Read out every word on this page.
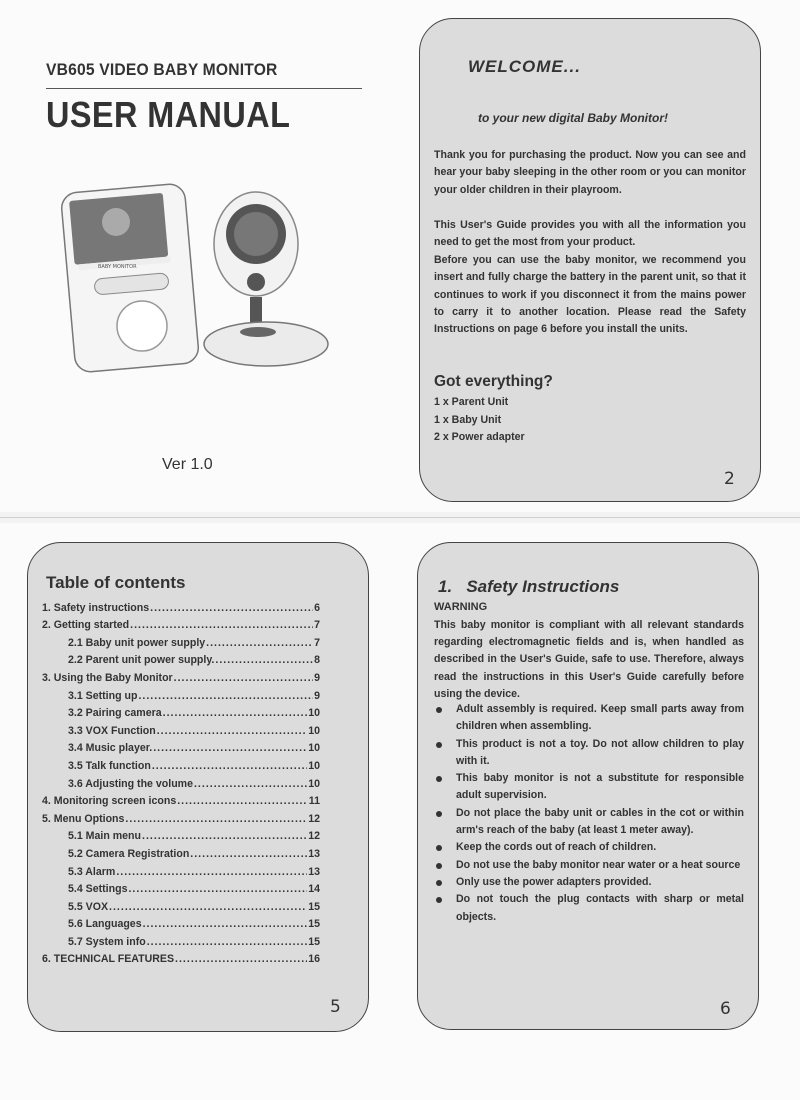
VB605 VIDEO BABY MONITOR
USER MANUAL
BABY MONITOR
Ver 1.0
WELCOME...
to your new digital Baby Monitor!
Thank you for purchasing the product. Now you can see and hear your baby sleeping in the other room or you can monitor your older children in their playroom.
This User's Guide provides you with all the information you need to get the most from your product.
Before you can use the baby monitor, we recommend you insert and fully charge the battery in the parent unit, so that it continues to work if you disconnect it from the mains power to carry it to another location. Please read the Safety Instructions on page 6 before you install the units.
Got everything?
1 x Parent Unit
1 x Baby Unit
2 x Power adapter
2
Table of contents
1. Safety instructions .....	6
2. Getting started .....	7
2.1 Baby unit power supply .....	7
2.2 Parent unit power supply. .....	8
3. Using the Baby Monitor .....	9
3.1 Setting up .....	9
3.2 Pairing camera .....	10
3.3 VOX Function .....	10
3.4 Music player. .....	10
3.5 Talk function .....	10
3.6 Adjusting the volume .....	10
4. Monitoring screen icons .....	11
5. Menu Options .....	12
5.1 Main menu .....	12
5.2 Camera Registration .....	13
5.3 Alarm .....	13
5.4 Settings .....	14
5.5 VOX .....	15
5.6 Languages .....	15
5.7 System info .....	15
6. TECHNICAL FEATURES .....	16
5
1.   Safety Instructions
WARNING
This baby monitor is compliant with all relevant standards regarding electromagnetic fields and is, when handled as described in the User's Guide, safe to use. Therefore, always read the instructions in this User's Guide carefully before using the device.
Adult assembly is required. Keep small parts away from children when assembling.
This product is not a toy. Do not allow children to play with it.
This baby monitor is not a substitute for responsible adult supervision.
Do not place the baby unit or cables in the cot or within arm's reach of the baby (at least 1 meter away).
Keep the cords out of reach of children.
Do not use the baby monitor near water or a heat source
Only use the power adapters provided.
Do not touch the plug contacts with sharp or metal objects.
6
